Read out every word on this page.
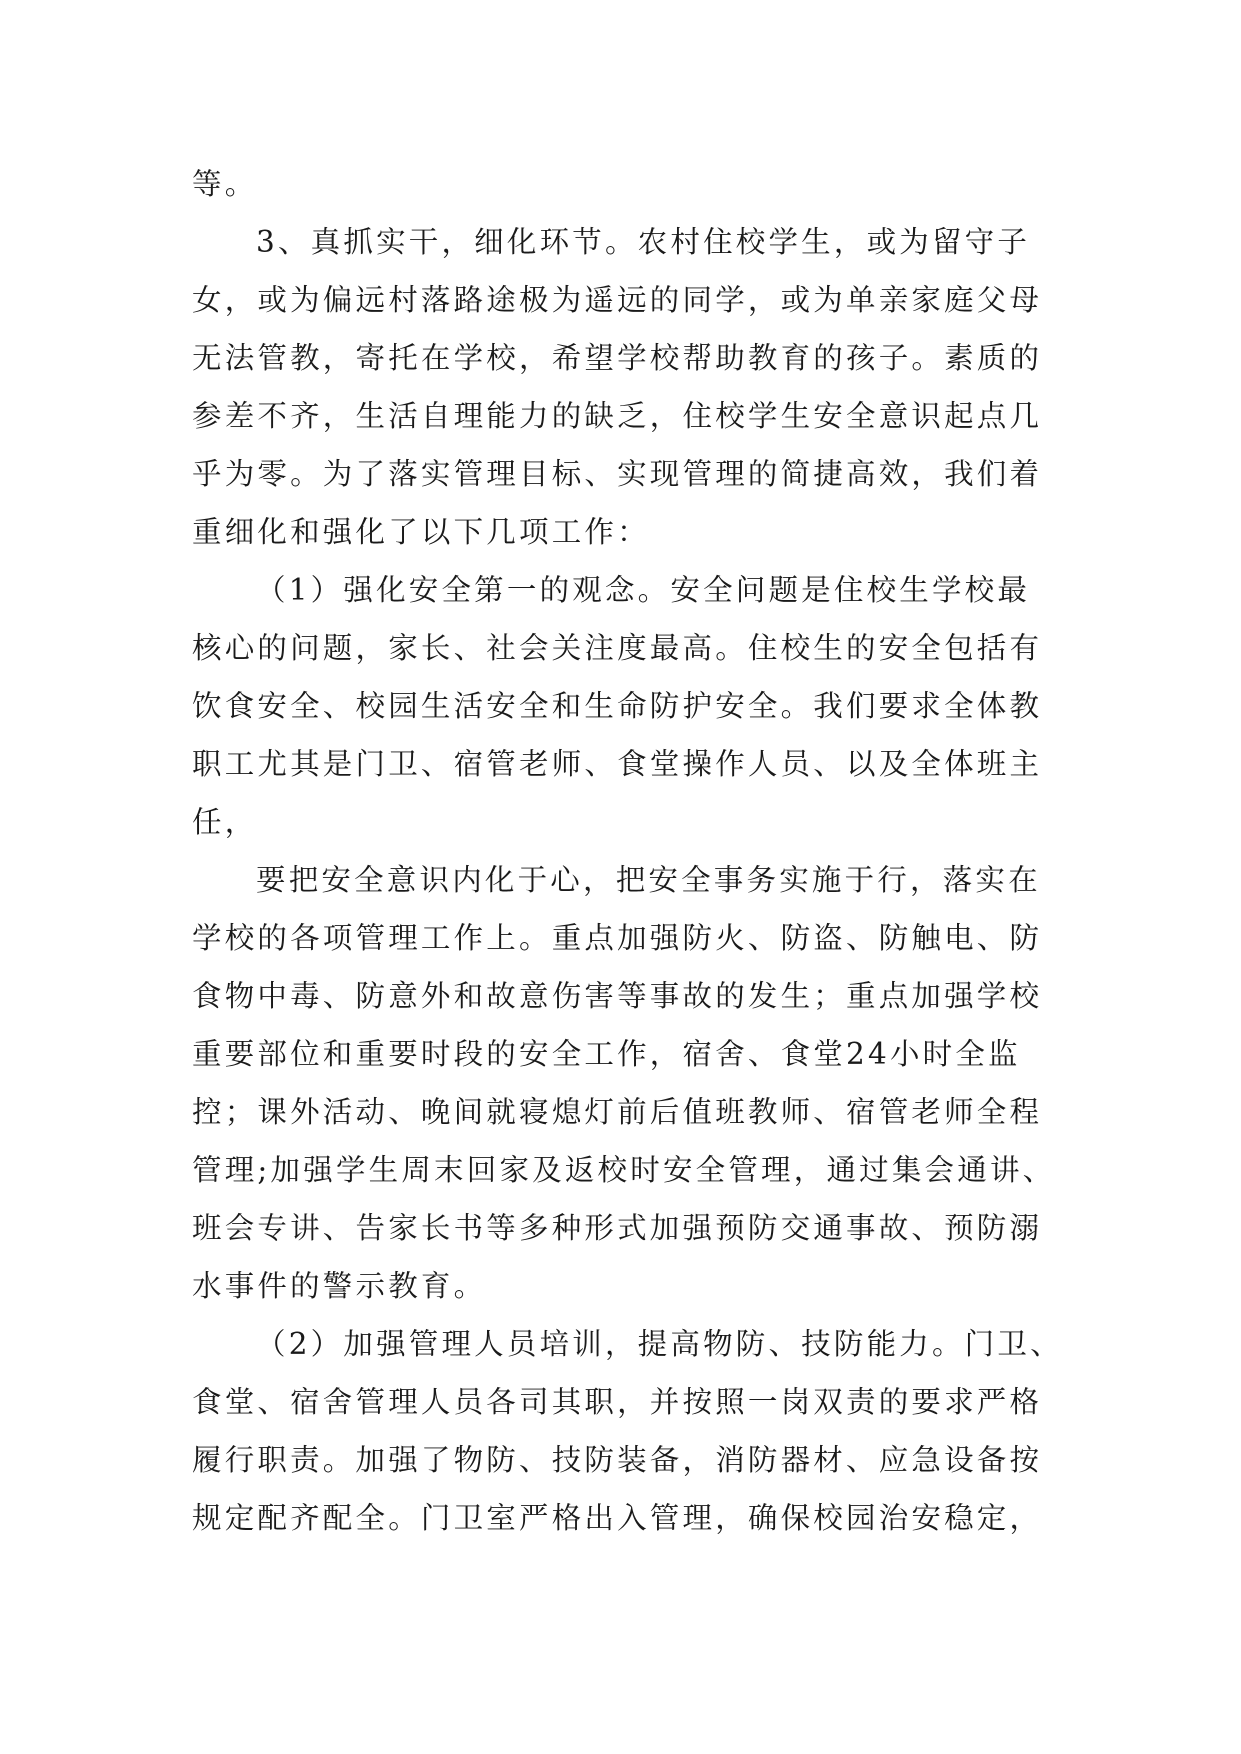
等。
3、真抓实干，细化环节。农村住校学生，或为留守子
女，或为偏远村落路途极为遥远的同学，或为单亲家庭父母
无法管教，寄托在学校，希望学校帮助教育的孩子。素质的
参差不齐，生活自理能力的缺乏，住校学生安全意识起点几
乎为零。为了落实管理目标、实现管理的简捷高效，我们着
重细化和强化了以下几项工作：
（1）强化安全第一的观念。安全问题是住校生学校最
核心的问题，家长、社会关注度最高。住校生的安全包括有
饮食安全、校园生活安全和生命防护安全。我们要求全体教
职工尤其是门卫、宿管老师、食堂操作人员、以及全体班主
任，
要把安全意识内化于心，把安全事务实施于行，落实在
学校的各项管理工作上。重点加强防火、防盗、防触电、防
食物中毒、防意外和故意伤害等事故的发生；重点加强学校
重要部位和重要时段的安全工作，宿舍、食堂24小时全监
控；课外活动、晚间就寝熄灯前后值班教师、宿管老师全程
管理;加强学生周末回家及返校时安全管理，通过集会通讲、
班会专讲、告家长书等多种形式加强预防交通事故、预防溺
水事件的警示教育。
（2）加强管理人员培训，提高物防、技防能力。门卫、
食堂、宿舍管理人员各司其职，并按照一岗双责的要求严格
履行职责。加强了物防、技防装备，消防器材、应急设备按
规定配齐配全。门卫室严格出入管理，确保校园治安稳定，
